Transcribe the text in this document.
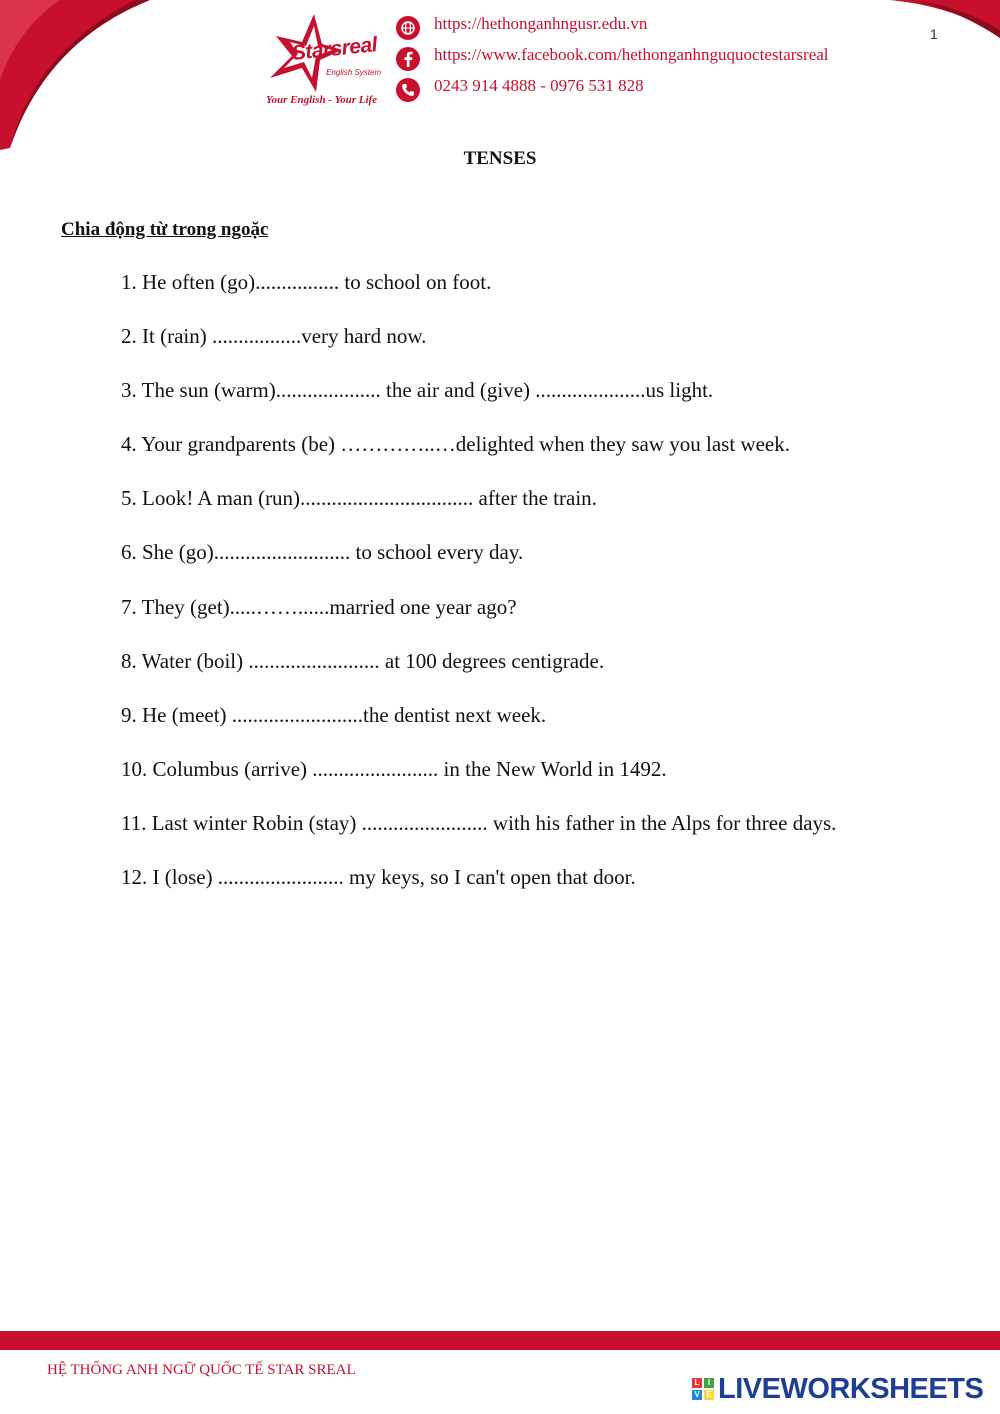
Starsreal
English System
Your English - Your Life
https://hethonganhngusr.edu.vn
https://www.facebook.com/hethonganhnguquoctestarsreal
0243 914 4888 - 0976 531 828
1
TENSES
Chia động từ trong ngoặc
1. He often (go)................ to school on foot.
2. It (rain) .................very hard now.
3. The sun (warm).................... the air and (give) .....................us light.
4. Your grandparents (be) …………..…delighted when they saw you last week.
5. Look! A man (run)................................. after the train.
6. She (go).......................... to school every day.
7. They (get).....……......married one year ago?
8. Water (boil) ......................... at 100 degrees centigrade.
9. He (meet) .........................the dentist next week.
10. Columbus (arrive) ........................ in the New World in 1492.
11. Last winter Robin (stay) ........................ with his father in the Alps for three days.
12. I (lose) ........................ my keys, so I can't open that door.
HỆ THỐNG ANH NGỮ QUỐC TẾ STAR SREAL
L	I
V E LIVEWORKSHEETS
